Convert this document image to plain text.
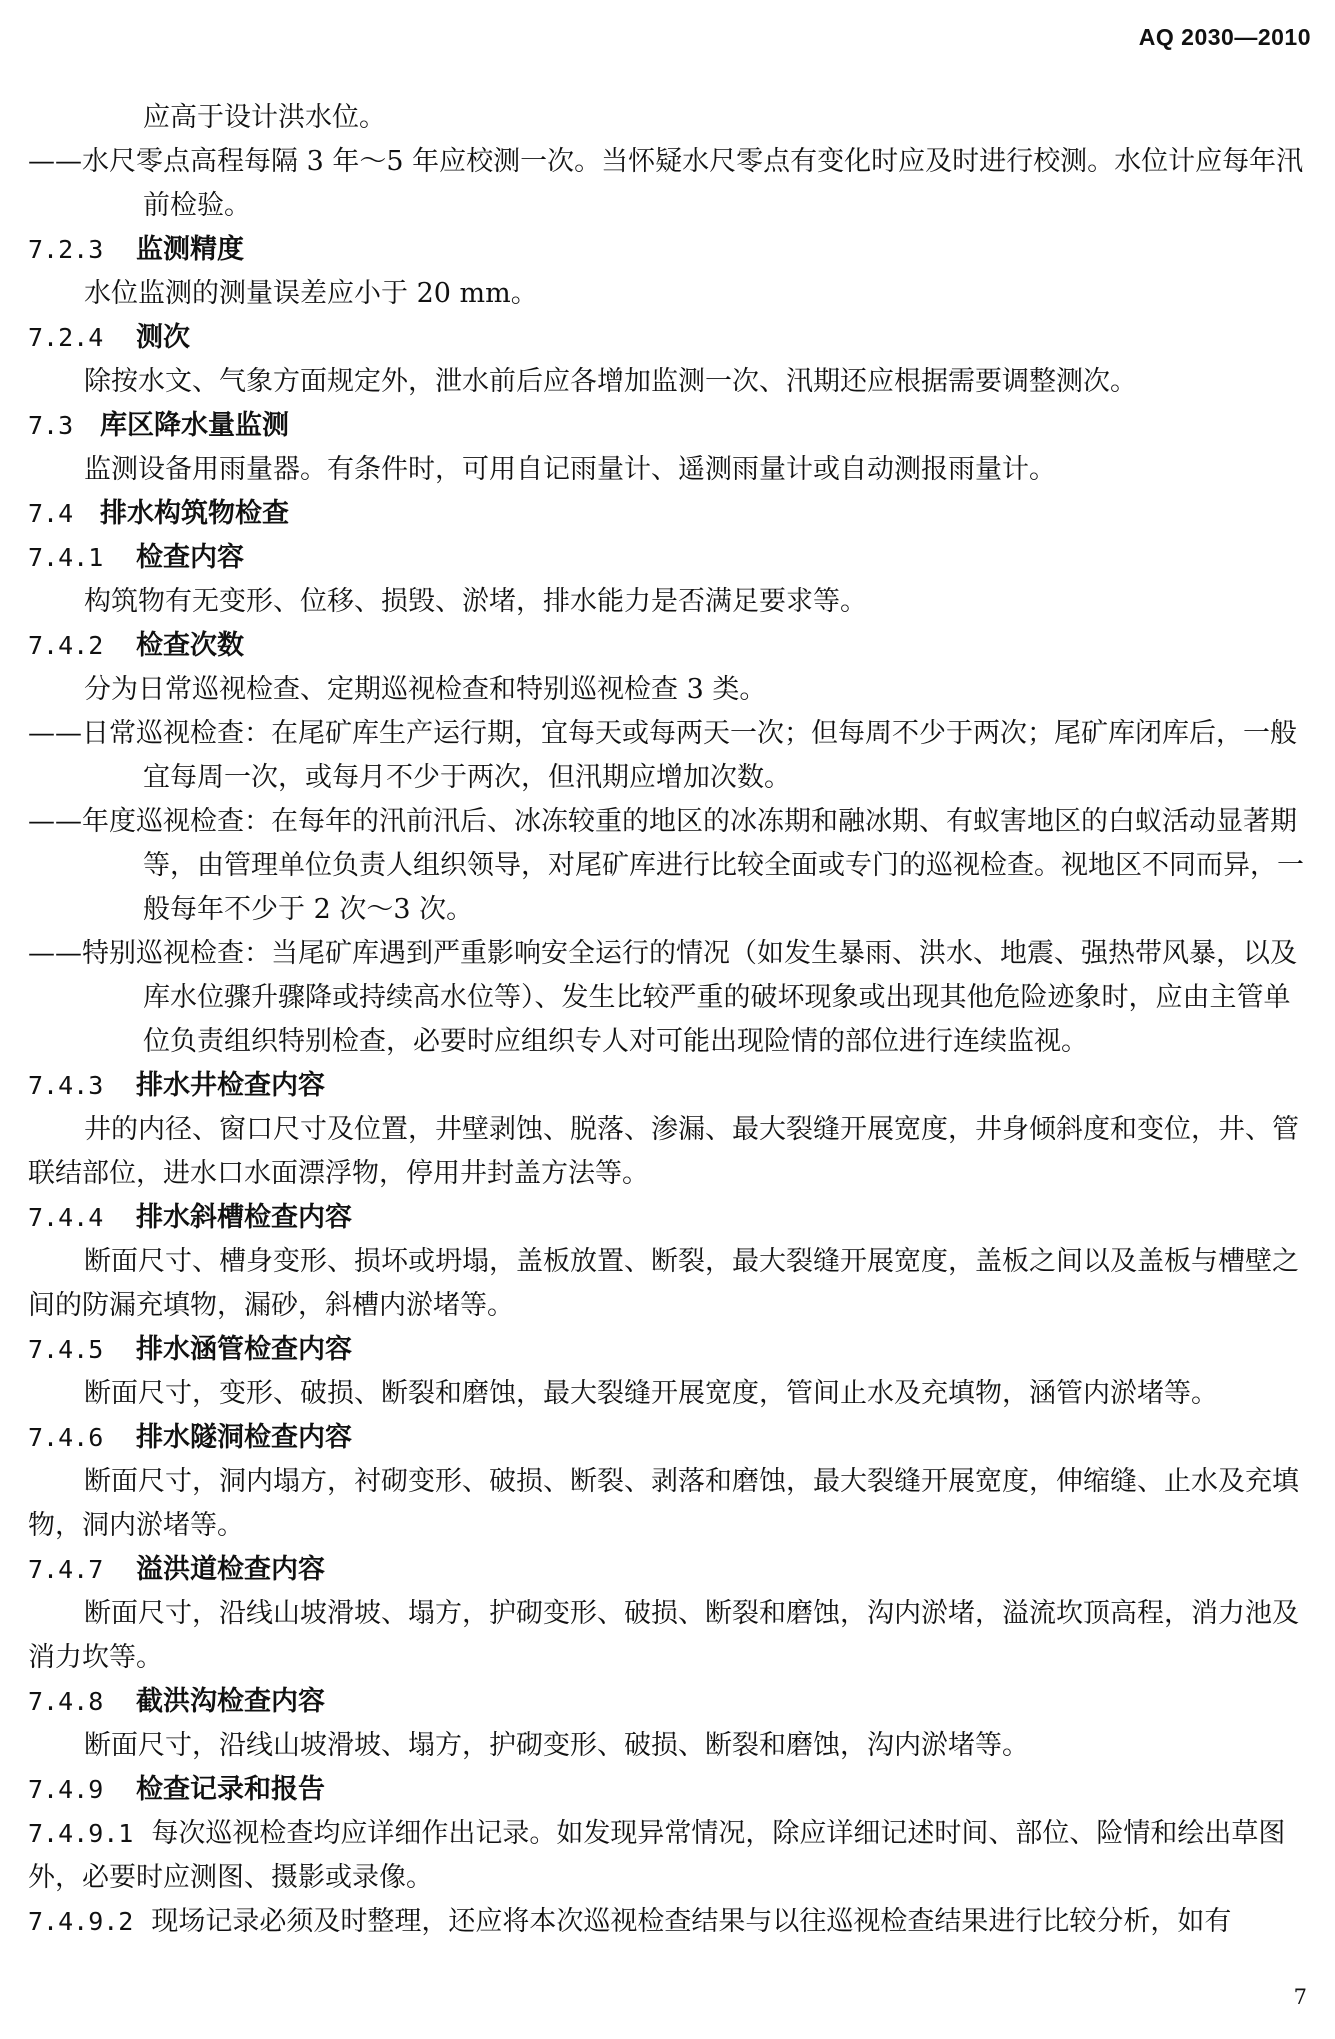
AQ 2030—2010

应高于设计洪水位。

——水尺零点高程每隔 3 年～5 年应校测一次。当怀疑水尺零点有变化时应及时进行校测。水位计应每年汛前检验。

7.2.3 监测精度

水位监测的测量误差应小于 20 mm。

7.2.4 测次

除按水文、气象方面规定外，泄水前后应各增加监测一次、汛期还应根据需要调整测次。

7.3 库区降水量监测

监测设备用雨量器。有条件时，可用自记雨量计、遥测雨量计或自动测报雨量计。

7.4 排水构筑物检查

7.4.1 检查内容

构筑物有无变形、位移、损毁、淤堵，排水能力是否满足要求等。

7.4.2 检查次数

分为日常巡视检查、定期巡视检查和特别巡视检查 3 类。

——日常巡视检查：在尾矿库生产运行期，宜每天或每两天一次；但每周不少于两次；尾矿库闭库后，一般宜每周一次，或每月不少于两次，但汛期应增加次数。

——年度巡视检查：在每年的汛前汛后、冰冻较重的地区的冰冻期和融冰期、有蚁害地区的白蚁活动显著期等，由管理单位负责人组织领导，对尾矿库进行比较全面或专门的巡视检查。视地区不同而异，一般每年不少于 2 次～3 次。

——特别巡视检查：当尾矿库遇到严重影响安全运行的情况（如发生暴雨、洪水、地震、强热带风暴，以及库水位骤升骤降或持续高水位等）、发生比较严重的破坏现象或出现其他危险迹象时，应由主管单位负责组织特别检查，必要时应组织专人对可能出现险情的部位进行连续监视。

7.4.3 排水井检查内容

井的内径、窗口尺寸及位置，井壁剥蚀、脱落、渗漏、最大裂缝开展宽度，井身倾斜度和变位，井、管联结部位，进水口水面漂浮物，停用井封盖方法等。

7.4.4 排水斜槽检查内容

断面尺寸、槽身变形、损坏或坍塌，盖板放置、断裂，最大裂缝开展宽度，盖板之间以及盖板与槽壁之间的防漏充填物，漏砂，斜槽内淤堵等。

7.4.5 排水涵管检查内容

断面尺寸，变形、破损、断裂和磨蚀，最大裂缝开展宽度，管间止水及充填物，涵管内淤堵等。

7.4.6 排水隧洞检查内容

断面尺寸，洞内塌方，衬砌变形、破损、断裂、剥落和磨蚀，最大裂缝开展宽度，伸缩缝、止水及充填物，洞内淤堵等。

7.4.7 溢洪道检查内容

断面尺寸，沿线山坡滑坡、塌方，护砌变形、破损、断裂和磨蚀，沟内淤堵，溢流坎顶高程，消力池及消力坎等。

7.4.8 截洪沟检查内容

断面尺寸，沿线山坡滑坡、塌方，护砌变形、破损、断裂和磨蚀，沟内淤堵等。

7.4.9 检查记录和报告

7.4.9.1 每次巡视检查均应详细作出记录。如发现异常情况，除应详细记述时间、部位、险情和绘出草图外，必要时应测图、摄影或录像。

7.4.9.2 现场记录必须及时整理，还应将本次巡视检查结果与以往巡视检查结果进行比较分析，如有

7
